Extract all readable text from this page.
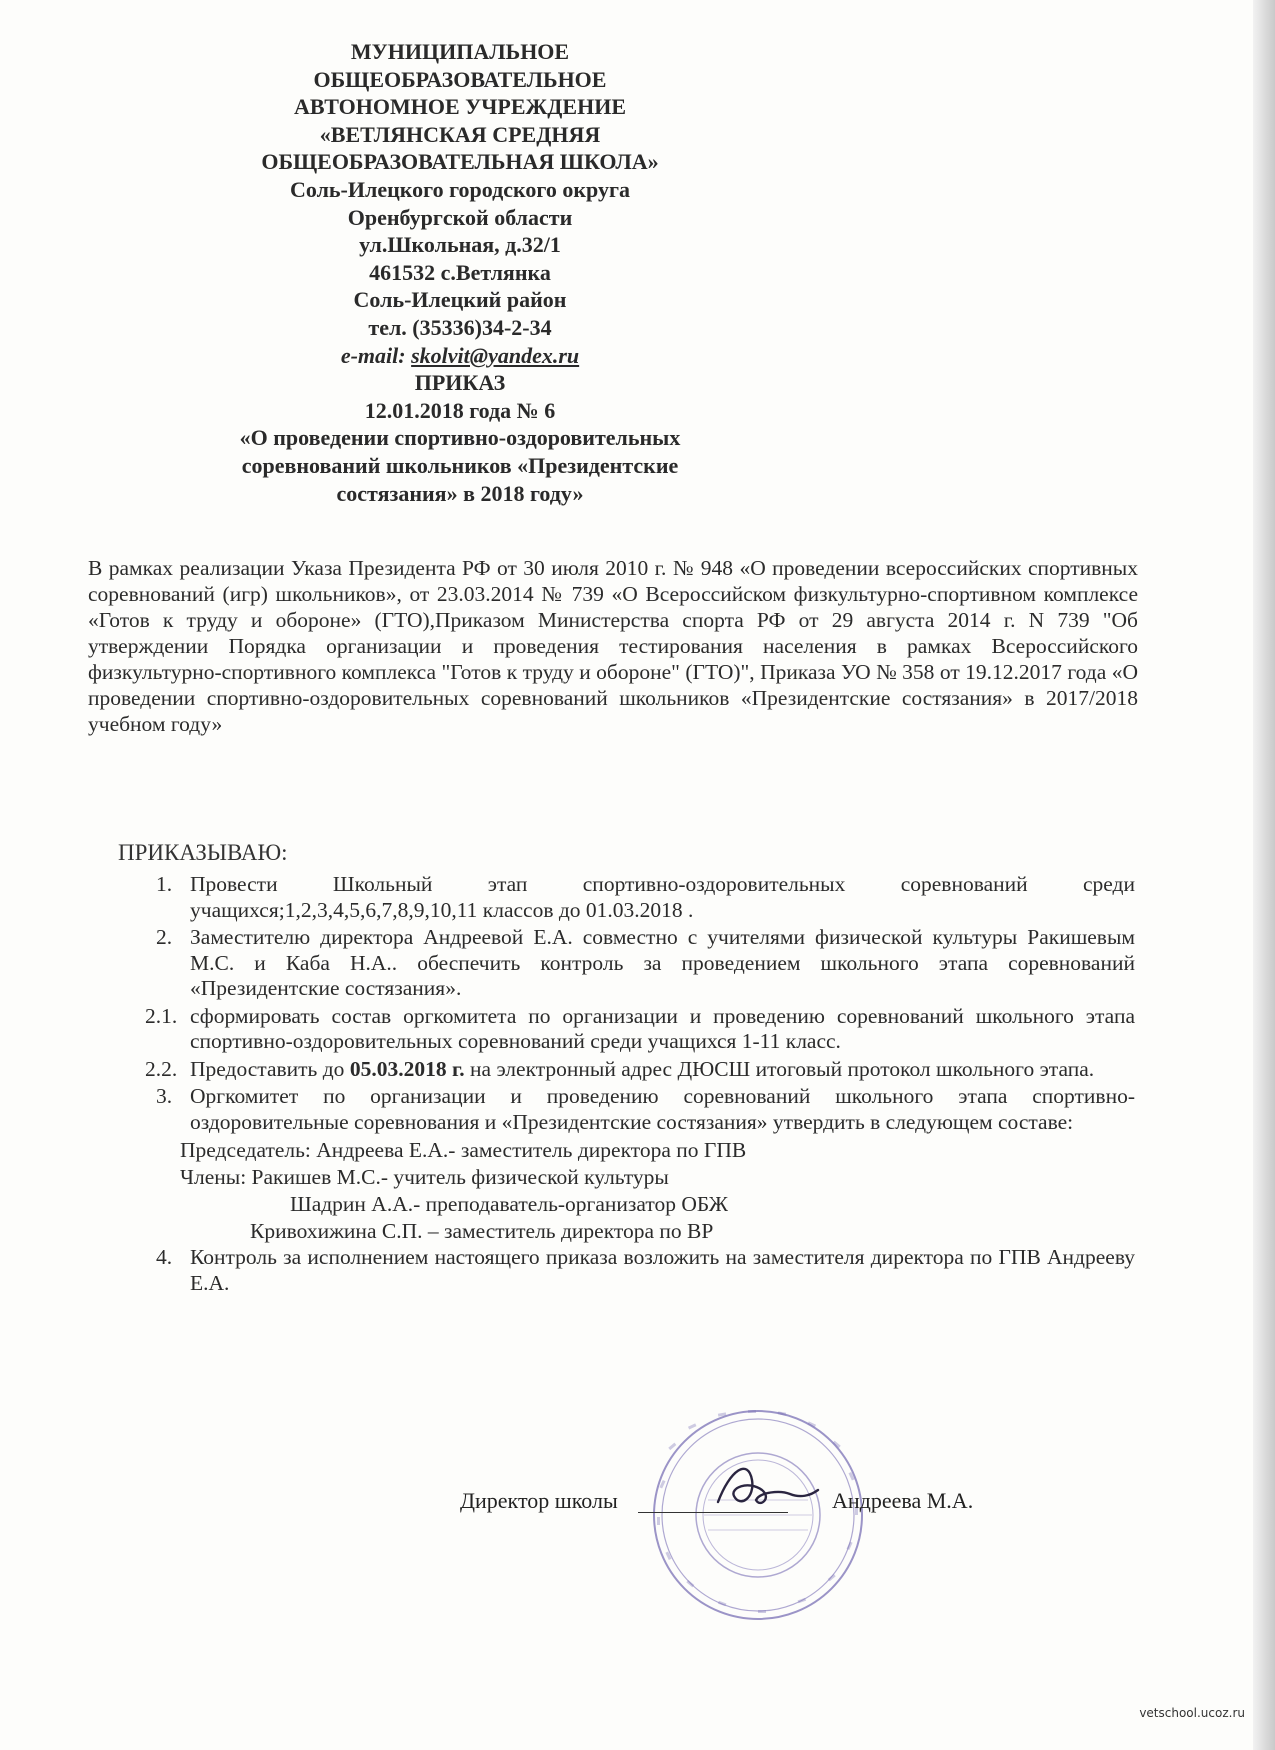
МУНИЦИПАЛЬНОЕ
ОБЩЕОБРАЗОВАТЕЛЬНОЕ
АВТОНОМНОЕ УЧРЕЖДЕНИЕ
«ВЕТЛЯНСКАЯ СРЕДНЯЯ
ОБЩЕОБРАЗОВАТЕЛЬНАЯ ШКОЛА»
Соль-Илецкого городского округа
Оренбургской области
ул.Школьная, д.32/1
461532 с.Ветлянка
Соль-Илецкий район
тел. (35336)34-2-34
e-mail: skolvit@yandex.ru
ПРИКАЗ
12.01.2018 года № 6
«О проведении спортивно-оздоровительных
соревнований школьников «Президентские
состязания» в 2018 году»
В рамках реализации Указа Президента РФ от 30 июля 2010 г. № 948 «О проведении всероссийских спортивных соревнований (игр) школьников», от 23.03.2014 № 739 «О Всероссийском физкультурно-спортивном комплексе «Готов к труду и обороне» (ГТО),Приказом Министерства спорта РФ от 29 августа 2014 г. N 739 "Об утверждении Порядка организации и проведения тестирования населения в рамках Всероссийского физкультурно-спортивного комплекса "Готов к труду и обороне" (ГТО)", Приказа УО № 358 от 19.12.2017 года «О проведении спортивно-оздоровительных соревнований школьников «Президентские состязания» в 2017/2018 учебном году»
ПРИКАЗЫВАЮ:
1. Провести Школьный этап спортивно-оздоровительных соревнований среди учащихся;1,2,3,4,5,6,7,8,9,10,11 классов до 01.03.2018 .
2. Заместителю директора Андреевой Е.А. совместно с учителями физической культуры Ракишевым М.С. и Каба Н.А.. обеспечить контроль за проведением школьного этапа соревнований «Президентские состязания».
2.1. сформировать состав оргкомитета по организации и проведению соревнований школьного этапа спортивно-оздоровительных соревнований среди учащихся 1-11 класс.
2.2. Предоставить до 05.03.2018 г. на электронный адрес ДЮСШ итоговый протокол школьного этапа.
3. Оргкомитет по организации и проведению соревнований школьного этапа спортивно-оздоровительные соревнования и «Президентские состязания» утвердить в следующем составе:
Председатель: Андреева Е.А.- заместитель директора по ГПВ
Члены: Ракишев М.С.- учитель физической культуры
Шадрин А.А.- преподаватель-организатор ОБЖ
Кривохижина С.П. – заместитель директора по ВР
4. Контроль за исполнением настоящего приказа возложить на заместителя директора по ГПВ Андрееву Е.А.
Директор школы	Андреева М.А.
vetschool.ucoz.ru
